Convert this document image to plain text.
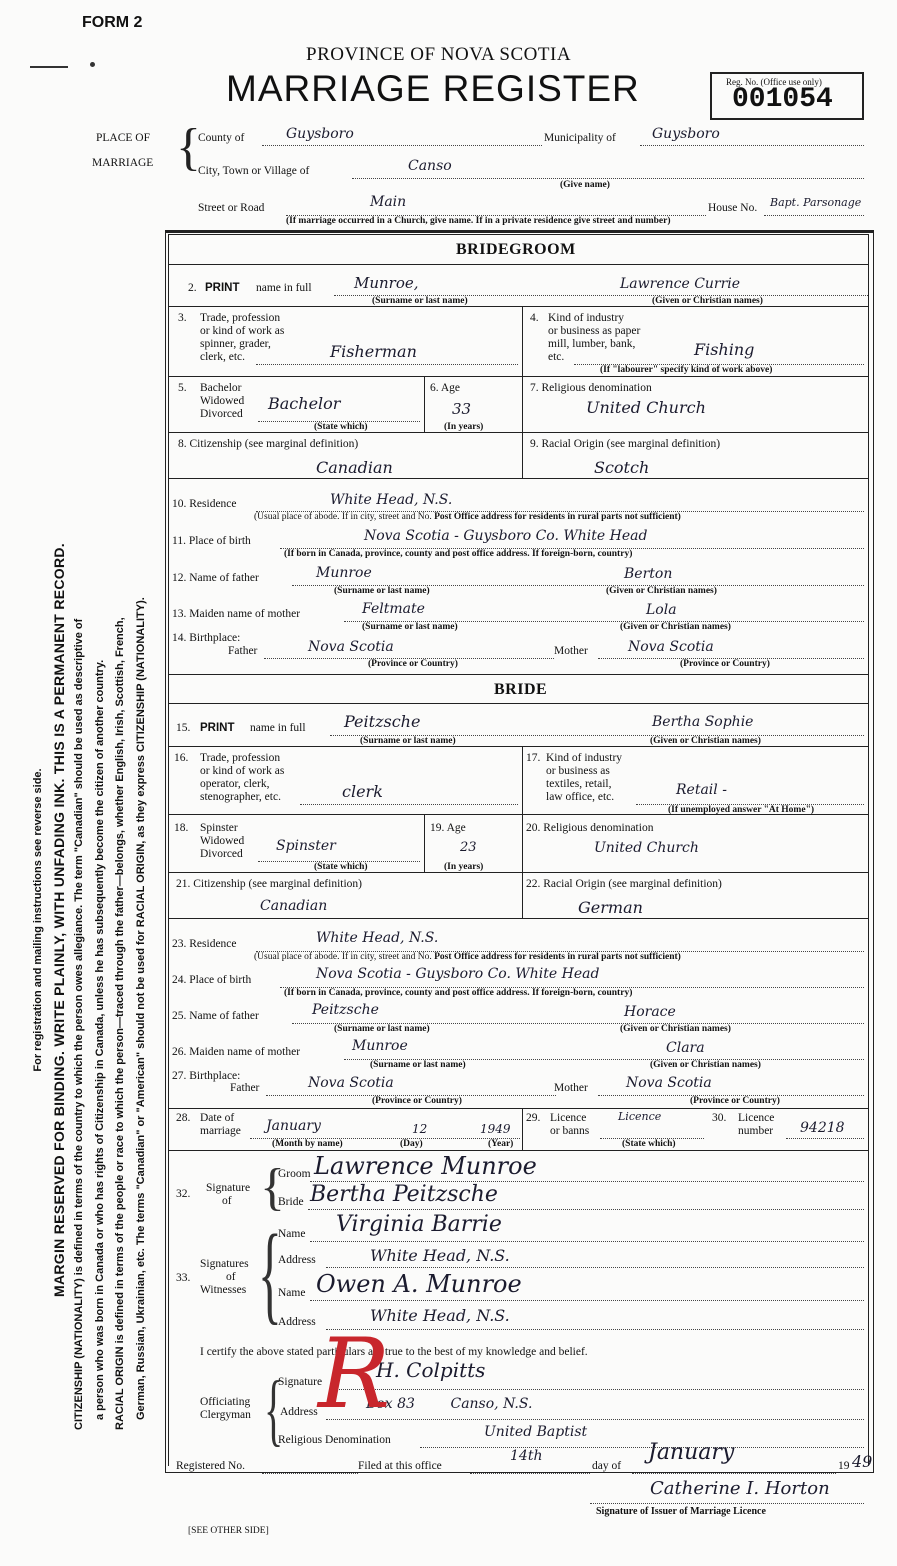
FORM 2
PROVINCE OF NOVA SCOTIA
MARRIAGE REGISTER	Reg. No. (Office use only)
001054
PLACE OF
MARRIAGE {
County of	Guysboro	Municipality of	Guysboro
City, Town or Village of	Canso
(Give name)
Street or Road	Main	House No. Bapt. Parsonage
(If marriage occurred in a Church, give name. If in a private residence give street and number)
BRIDEGROOM
2. PRINT name in full	Munroe,	Lawrence Currie
(Surname or last name)	(Given or Christian names)
3. Trade, profession
or kind of work as
spinner, grader,
clerk, etc.	Fisherman
4. Kind of industry
or business as paper
mill, lumber, bank,
etc.	Fishing
(If "labourer" specify kind of work above)
5. Bachelor
Widowed
Divorced
Bachelor
(State which)
6. Age
33
(In years)
7. Religious denomination
United Church
8. Citizenship (see marginal definition)
Canadian
9. Racial Origin (see marginal definition)
Scotch
10. Residence	White Head, N.S.
(Usual place of abode. If in city, street and No. Post Office address for residents in rural parts not sufficient)
11. Place of birth	Nova Scotia - Guysboro Co. White Head
(If born in Canada, province, county and post office address. If foreign-born, country)
12. Name of father	Munroe	Berton
(Surname or last name)	(Given or Christian names)
13. Maiden name of mother	Feltmate	Lola
(Surname or last name)	(Given or Christian names)
14. Birthplace:
Father	Nova Scotia	Mother	Nova Scotia
(Province or Country)	(Province or Country)
BRIDE
15. PRINT name in full Peitzsche	Bertha Sophie
(Surname or last name)	(Given or Christian names)
16. Trade, profession
or kind of work as
operator, clerk,
stenographer, etc.	clerk
17. Kind of industry
or business as
textiles, retail,
law office, etc.	Retail -
(If unemployed answer "At Home")
18. Spinster
Widowed
Divorced Spinster
(State which)
19. Age
23
(In years)
20. Religious denomination
United Church
21. Citizenship (see marginal definition)
Canadian
22. Racial Origin (see marginal definition)
German
23. Residence	White Head, N.S.
(Usual place of abode. If in city, street and No. Post Office address for residents in rural parts not sufficient)
24. Place of birth	Nova Scotia - Guysboro Co. White Head
(If born in Canada, province, county and post office address. If foreign-born, country)
25. Name of father	Peitzsche	Horace
(Surname or last name)	(Given or Christian names)
26. Maiden name of mother	Munroe	Clara
(Surname or last name)	(Given or Christian names)
27. Birthplace:
Father	Nova Scotia	Mother	Nova Scotia
(Province or Country)	(Province or Country)
28. Date of
marriage January	12	1949
(Month by name)	(Day)	(Year)
29. Licence
or banns
Licence
(State which)
30. Licence
number 94218
32. Signature
of {
Groom Lawrence Munroe
Bride Bertha Peitzsche
33.
Signatures
of
Witnesses {
Name Virginia Barrie
Address	White Head, N.S.
Name Owen A. Munroe
Address	White Head, N.S.
I certify the above stated particulars are true to the best of my knowledge and belief.
Officiating
Clergyman {
Signature	H. Colpitts
Address	Box 83        Canso, N.S.
Religious Denomination	United Baptist
R
Registered No.	Filed at this office
14th
day of
January
19 49
Catherine I. Horton
Signature of Issuer of Marriage Licence
[SEE OTHER SIDE]
For registration and mailing instructions see reverse side. MARGIN RESERVED FOR BINDING. WRITE PLAINLY, WITH UNFADING INK. THIS IS A PERMANENT RECORD. CITIZENSHIP (NATIONALITY) is defined in terms of the country to which the person owes allegiance. The term "Canadian" should be used as descriptive of a person who was born in Canada or who has rights of Citizenship in Canada, unless he has subsequently become the citizen of another country. RACIAL ORIGIN is defined in terms of the people or race to which the person—traced through the father—belongs, whether English, Irish, Scottish, French, German, Russian, Ukrainian, etc. The terms "Canadian" or "American" should not be used for RACIAL ORIGIN, as they express CITIZENSHIP (NATIONALITY).
